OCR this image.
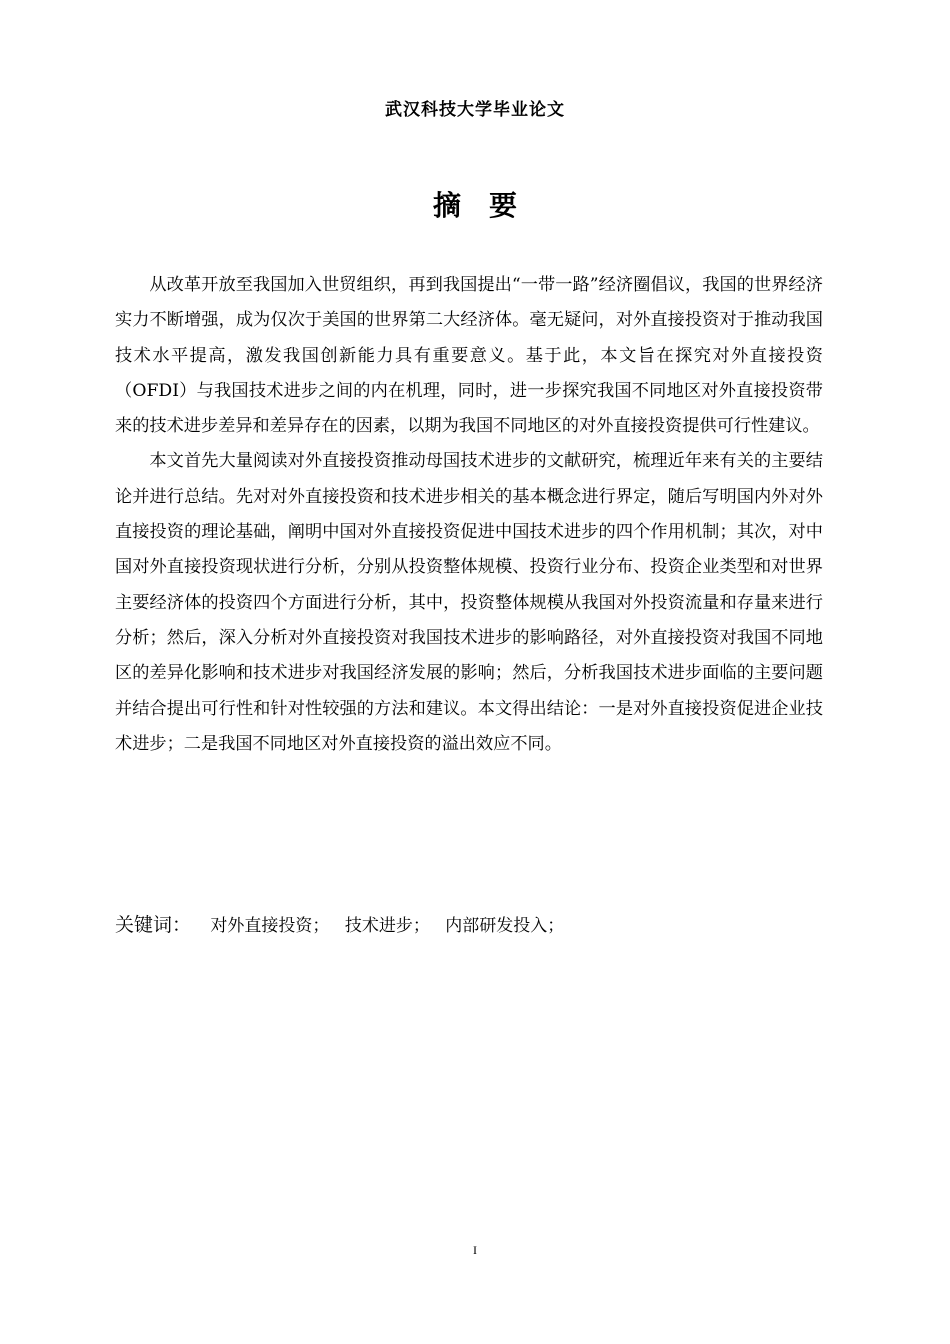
武汉科技大学毕业论文
摘　要

从改革开放至我国加入世贸组织，再到我国提出“一带一路”经济圈倡议，我国的世界经济实力不断增强，成为仅次于美国的世界第二大经济体。毫无疑问，对外直接投资对于推动我国技术水平提高，激发我国创新能力具有重要意义。基于此，本文旨在探究对外直接投资（OFDI）与我国技术进步之间的内在机理，同时，进一步探究我国不同地区对外直接投资带来的技术进步差异和差异存在的因素，以期为我国不同地区的对外直接投资提供可行性建议。

本文首先大量阅读对外直接投资推动母国技术进步的文献研究，梳理近年来有关的主要结论并进行总结。先对对外直接投资和技术进步相关的基本概念进行界定，随后写明国内外对外直接投资的理论基础，阐明中国对外直接投资促进中国技术进步的四个作用机制；其次，对中国对外直接投资现状进行分析，分别从投资整体规模、投资行业分布、投资企业类型和对世界主要经济体的投资四个方面进行分析，其中，投资整体规模从我国对外投资流量和存量来进行分析；然后，深入分析对外直接投资对我国技术进步的影响路径，对外直接投资对我国不同地区的差异化影响和技术进步对我国经济发展的影响；然后，分析我国技术进步面临的主要问题并结合提出可行性和针对性较强的方法和建议。本文得出结论：一是对外直接投资促进企业技术进步；二是我国不同地区对外直接投资的溢出效应不同。

关键词： 对外直接投资； 技术进步； 内部研发投入；
I
